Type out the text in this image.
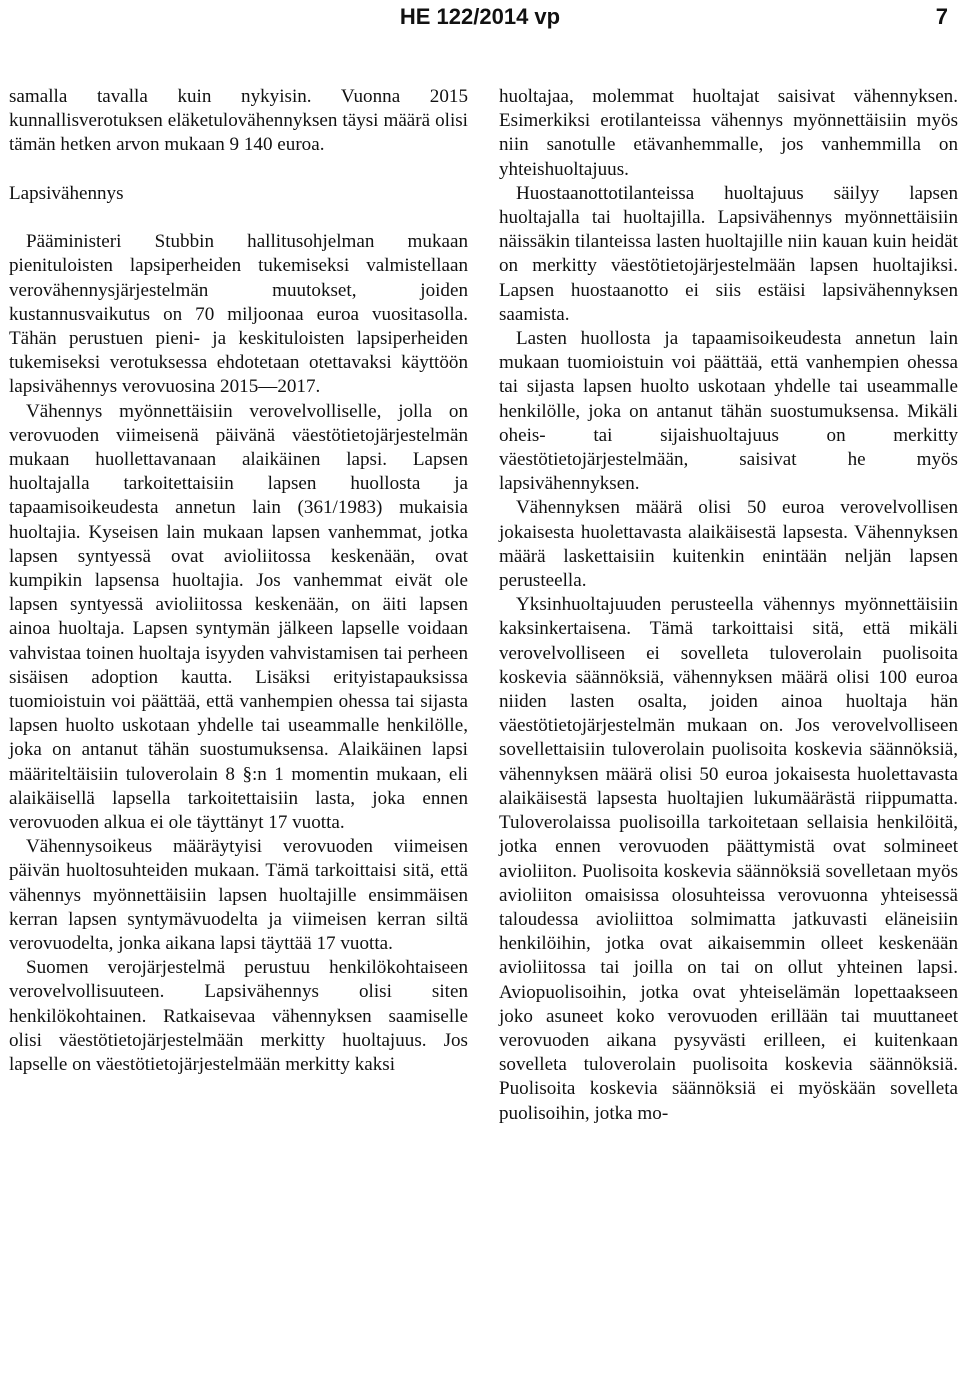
HE 122/2014 vp	7

samalla tavalla kuin nykyisin. Vuonna 2015 kunnallisverotuksen eläketulovähennyksen täysi määrä olisi tämän hetken arvon mukaan 9 140 euroa.

Lapsivähennys

Pääministeri Stubbin hallitusohjelman mukaan pienituloisten lapsiperheiden tukemiseksi valmistellaan verovähennysjärjestelmän muutokset, joiden kustannusvaikutus on 70 miljoonaa euroa vuositasolla. Tähän perustuen pieni- ja keskituloisten lapsiperheiden tukemiseksi verotuksessa ehdotetaan otettavaksi käyttöön lapsivähennys verovuosina 2015—2017.

Vähennys myönnettäisiin verovelvolliselle, jolla on verovuoden viimeisenä päivänä väestötietojärjestelmän mukaan huollettavanaan alaikäinen lapsi. Lapsen huoltajalla tarkoitettaisiin lapsen huollosta ja tapaamisoikeudesta annetun lain (361/1983) mukaisia huoltajia. Kyseisen lain mukaan lapsen vanhemmat, jotka lapsen syntyessä ovat avioliitossa keskenään, ovat kumpikin lapsensa huoltajia. Jos vanhemmat eivät ole lapsen syntyessä avioliitossa keskenään, on äiti lapsen ainoa huoltaja. Lapsen syntymän jälkeen lapselle voidaan vahvistaa toinen huoltaja isyyden vahvistamisen tai perheen sisäisen adoption kautta. Lisäksi erityistapauksissa tuomioistuin voi päättää, että vanhempien ohessa tai sijasta lapsen huolto uskotaan yhdelle tai useammalle henkilölle, joka on antanut tähän suostumuksensa. Alaikäinen lapsi määriteltäisiin tuloverolain 8 §:n 1 momentin mukaan, eli alaikäisellä lapsella tarkoitettaisiin lasta, joka ennen verovuoden alkua ei ole täyttänyt 17 vuotta.

Vähennysoikeus määräytyisi verovuoden viimeisen päivän huoltosuhteiden mukaan. Tämä tarkoittaisi sitä, että vähennys myönnettäisiin lapsen huoltajille ensimmäisen kerran lapsen syntymävuodelta ja viimeisen kerran siltä verovuodelta, jonka aikana lapsi täyttää 17 vuotta.

Suomen verojärjestelmä perustuu henkilökohtaiseen verovelvollisuuteen. Lapsivähennys olisi siten henkilökohtainen. Ratkaisevaa vähennyksen saamiselle olisi väestötietojärjestelmään merkitty huoltajuus. Jos lapselle on väestötietojärjestelmään merkitty kaksi

huoltajaa, molemmat huoltajat saisivat vähennyksen. Esimerkiksi erotilanteissa vähennys myönnettäisiin myös niin sanotulle etävanhemmalle, jos vanhemmilla on yhteishuoltajuus.

Huostaanottotilanteissa huoltajuus säilyy lapsen huoltajalla tai huoltajilla. Lapsivähennys myönnettäisiin näissäkin tilanteissa lasten huoltajille niin kauan kuin heidät on merkitty väestötietojärjestelmään lapsen huoltajiksi. Lapsen huostaanotto ei siis estäisi lapsivähennyksen saamista.

Lasten huollosta ja tapaamisoikeudesta annetun lain mukaan tuomioistuin voi päättää, että vanhempien ohessa tai sijasta lapsen huolto uskotaan yhdelle tai useammalle henkilölle, joka on antanut tähän suostumuksensa. Mikäli oheis- tai sijaishuoltajuus on merkitty väestötietojärjestelmään, saisivat he myös lapsivähennyksen.

Vähennyksen määrä olisi 50 euroa verovelvollisen jokaisesta huolettavasta alaikäisestä lapsesta. Vähennyksen määrä laskettaisiin kuitenkin enintään neljän lapsen perusteella.

Yksinhuoltajuuden perusteella vähennys myönnettäisiin kaksinkertaisena. Tämä tarkoittaisi sitä, että mikäli verovelvolliseen ei sovelleta tuloverolain puolisoita koskevia säännöksiä, vähennyksen määrä olisi 100 euroa niiden lasten osalta, joiden ainoa huoltaja hän väestötietojärjestelmän mukaan on. Jos verovelvolliseen sovellettaisiin tuloverolain puolisoita koskevia säännöksiä, vähennyksen määrä olisi 50 euroa jokaisesta huolettavasta alaikäisestä lapsesta huoltajien lukumäärästä riippumatta. Tuloverolaissa puolisoilla tarkoitetaan sellaisia henkilöitä, jotka ennen verovuoden päättymistä ovat solmineet avioliiton. Puolisoita koskevia säännöksiä sovelletaan myös avioliiton omaisissa olosuhteissa verovuonna yhteisessä taloudessa avioliittoa solmimatta jatkuvasti eläneisiin henkilöihin, jotka ovat aikaisemmin olleet keskenään avioliitossa tai joilla on tai on ollut yhteinen lapsi. Aviopuolisoihin, jotka ovat yhteiselämän lopettaakseen joko asuneet koko verovuoden erillään tai muuttaneet verovuoden aikana pysyvästi erilleen, ei kuitenkaan sovelleta tuloverolain puolisoita koskevia säännöksiä. Puolisoita koskevia säännöksiä ei myöskään sovelleta puolisoihin, jotka mo-
